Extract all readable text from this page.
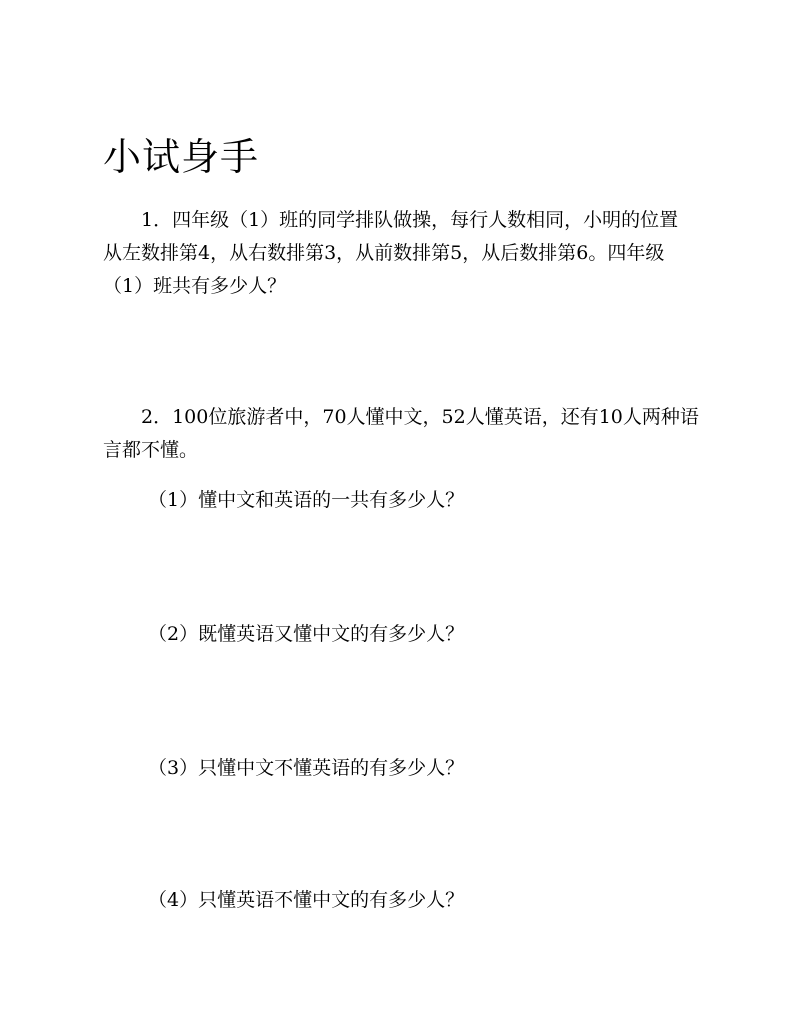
小试身手
1．四年级（1）班的同学排队做操，每行人数相同，小明的位置
从左数排第4，从右数排第3，从前数排第5，从后数排第6。四年级
（1）班共有多少人？
2．100位旅游者中，70人懂中文，52人懂英语，还有10人两种语
言都不懂。

（1）懂中文和英语的一共有多少人？

（2）既懂英语又懂中文的有多少人？

（3）只懂中文不懂英语的有多少人？

（4）只懂英语不懂中文的有多少人？
